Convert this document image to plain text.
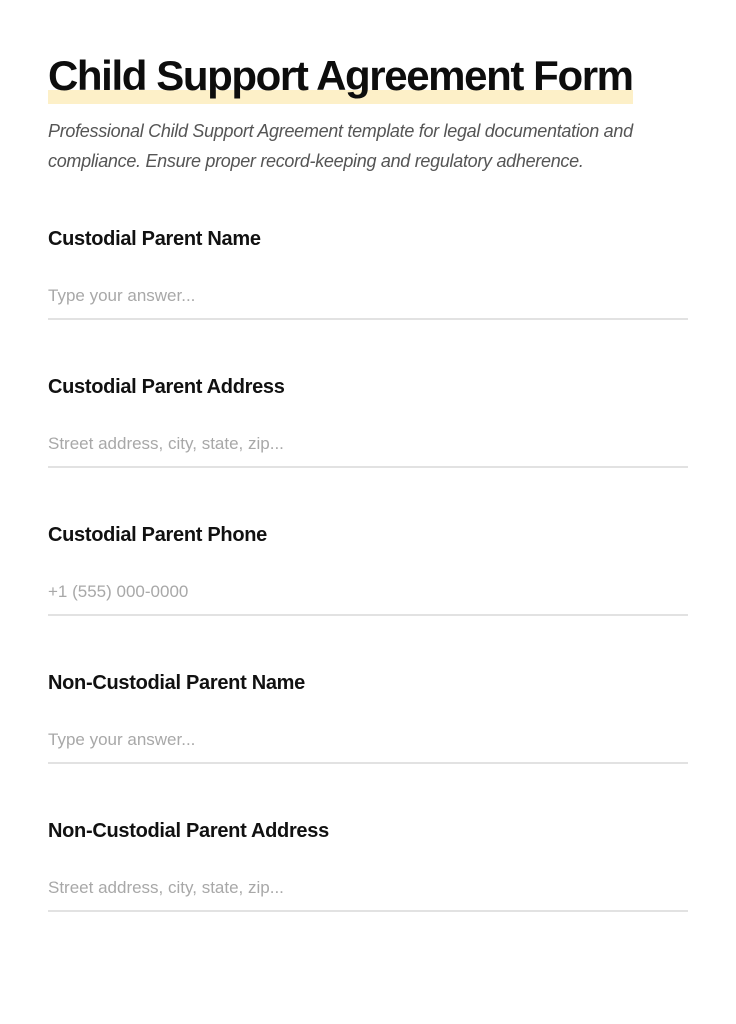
Child Support Agreement Form

Professional Child Support Agreement template for legal documentation and compliance. Ensure proper record-keeping and regulatory adherence.

Custodial Parent Name
Type your answer...
Custodial Parent Address
Street address, city, state, zip...
Custodial Parent Phone
+1 (555) 000-0000
Non-Custodial Parent Name
Type your answer...
Non-Custodial Parent Address
Street address, city, state, zip...
